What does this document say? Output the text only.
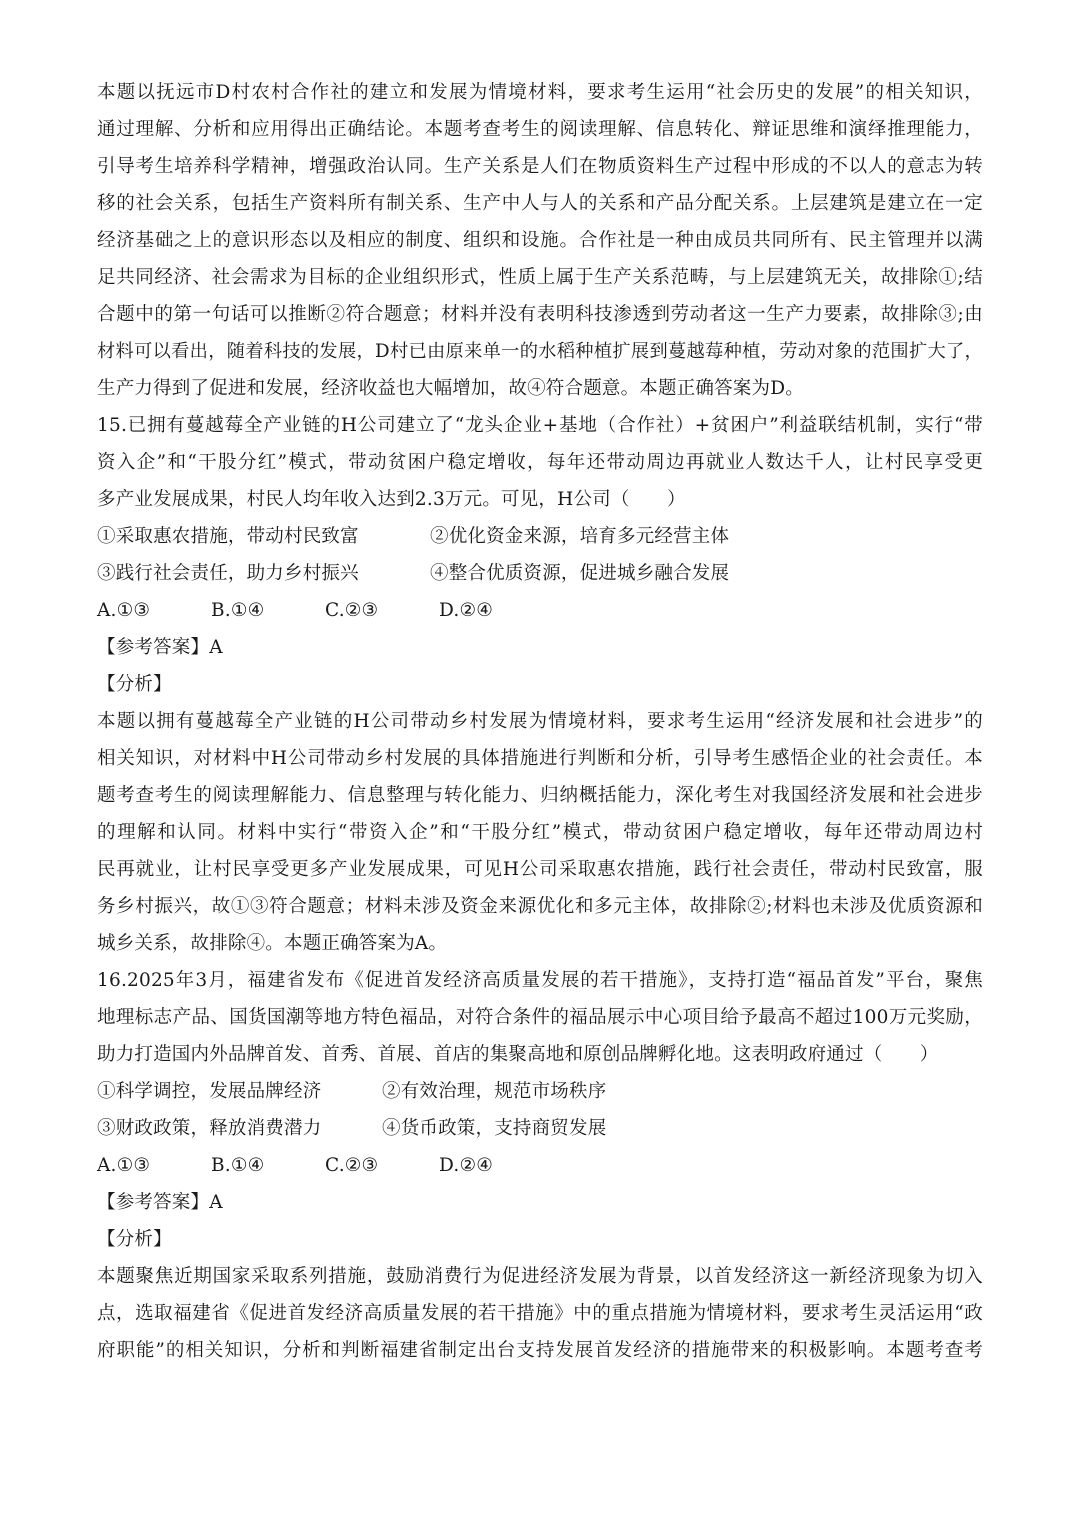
本题以抚远市D村农村合作社的建立和发展为情境材料，要求考生运用“社会历史的发展”的相关知识，
通过理解、分析和应用得出正确结论。本题考查考生的阅读理解、信息转化、辩证思维和演绎推理能力，
引导考生培养科学精神，增强政治认同。生产关系是人们在物质资料生产过程中形成的不以人的意志为转
移的社会关系，包括生产资料所有制关系、生产中人与人的关系和产品分配关系。上层建筑是建立在一定
经济基础之上的意识形态以及相应的制度、组织和设施。合作社是一种由成员共同所有、民主管理并以满
足共同经济、社会需求为目标的企业组织形式，性质上属于生产关系范畴，与上层建筑无关，故排除①;结
合题中的第一句话可以推断②符合题意；材料并没有表明科技渗透到劳动者这一生产力要素，故排除③;由
材料可以看出，随着科技的发展，D村已由原来单一的水稻种植扩展到蔓越莓种植，劳动对象的范围扩大了，
生产力得到了促进和发展，经济收益也大幅增加，故④符合题意。本题正确答案为D。
15.已拥有蔓越莓全产业链的H公司建立了“龙头企业+基地（合作社）+贫困户”利益联结机制，实行“带
资入企”和“干股分红”模式，带动贫困户稳定增收，每年还带动周边再就业人数达千人，让村民享受更
多产业发展成果，村民人均年收入达到2.3万元。可见，H公司（　　）
①采取惠农措施，带动村民致富	②优化资金来源，培育多元经营主体
③践行社会责任，助力乡村振兴	④整合优质资源，促进城乡融合发展
A.①③	B.①④	C.②③	D.②④
【参考答案】A
【分析】
本题以拥有蔓越莓全产业链的H公司带动乡村发展为情境材料，要求考生运用“经济发展和社会进步”的
相关知识，对材料中H公司带动乡村发展的具体措施进行判断和分析，引导考生感悟企业的社会责任。本
题考查考生的阅读理解能力、信息整理与转化能力、归纳概括能力，深化考生对我国经济发展和社会进步
的理解和认同。材料中实行“带资入企”和“干股分红”模式，带动贫困户稳定增收，每年还带动周边村
民再就业，让村民享受更多产业发展成果，可见H公司采取惠农措施，践行社会责任，带动村民致富，服
务乡村振兴，故①③符合题意；材料未涉及资金来源优化和多元主体，故排除②;材料也未涉及优质资源和
城乡关系，故排除④。本题正确答案为A。
16.2025年3月，福建省发布《促进首发经济高质量发展的若干措施》，支持打造“福品首发”平台，聚焦
地理标志产品、国货国潮等地方特色福品，对符合条件的福品展示中心项目给予最高不超过100万元奖励，
助力打造国内外品牌首发、首秀、首展、首店的集聚高地和原创品牌孵化地。这表明政府通过（　　）
①科学调控，发展品牌经济	②有效治理，规范市场秩序
③财政政策，释放消费潜力	④货币政策，支持商贸发展
A.①③	B.①④	C.②③	D.②④
【参考答案】A
【分析】
本题聚焦近期国家采取系列措施，鼓励消费行为促进经济发展为背景，以首发经济这一新经济现象为切入
点，选取福建省《促进首发经济高质量发展的若干措施》中的重点措施为情境材料，要求考生灵活运用“政
府职能”的相关知识，分析和判断福建省制定出台支持发展首发经济的措施带来的积极影响。本题考查考
